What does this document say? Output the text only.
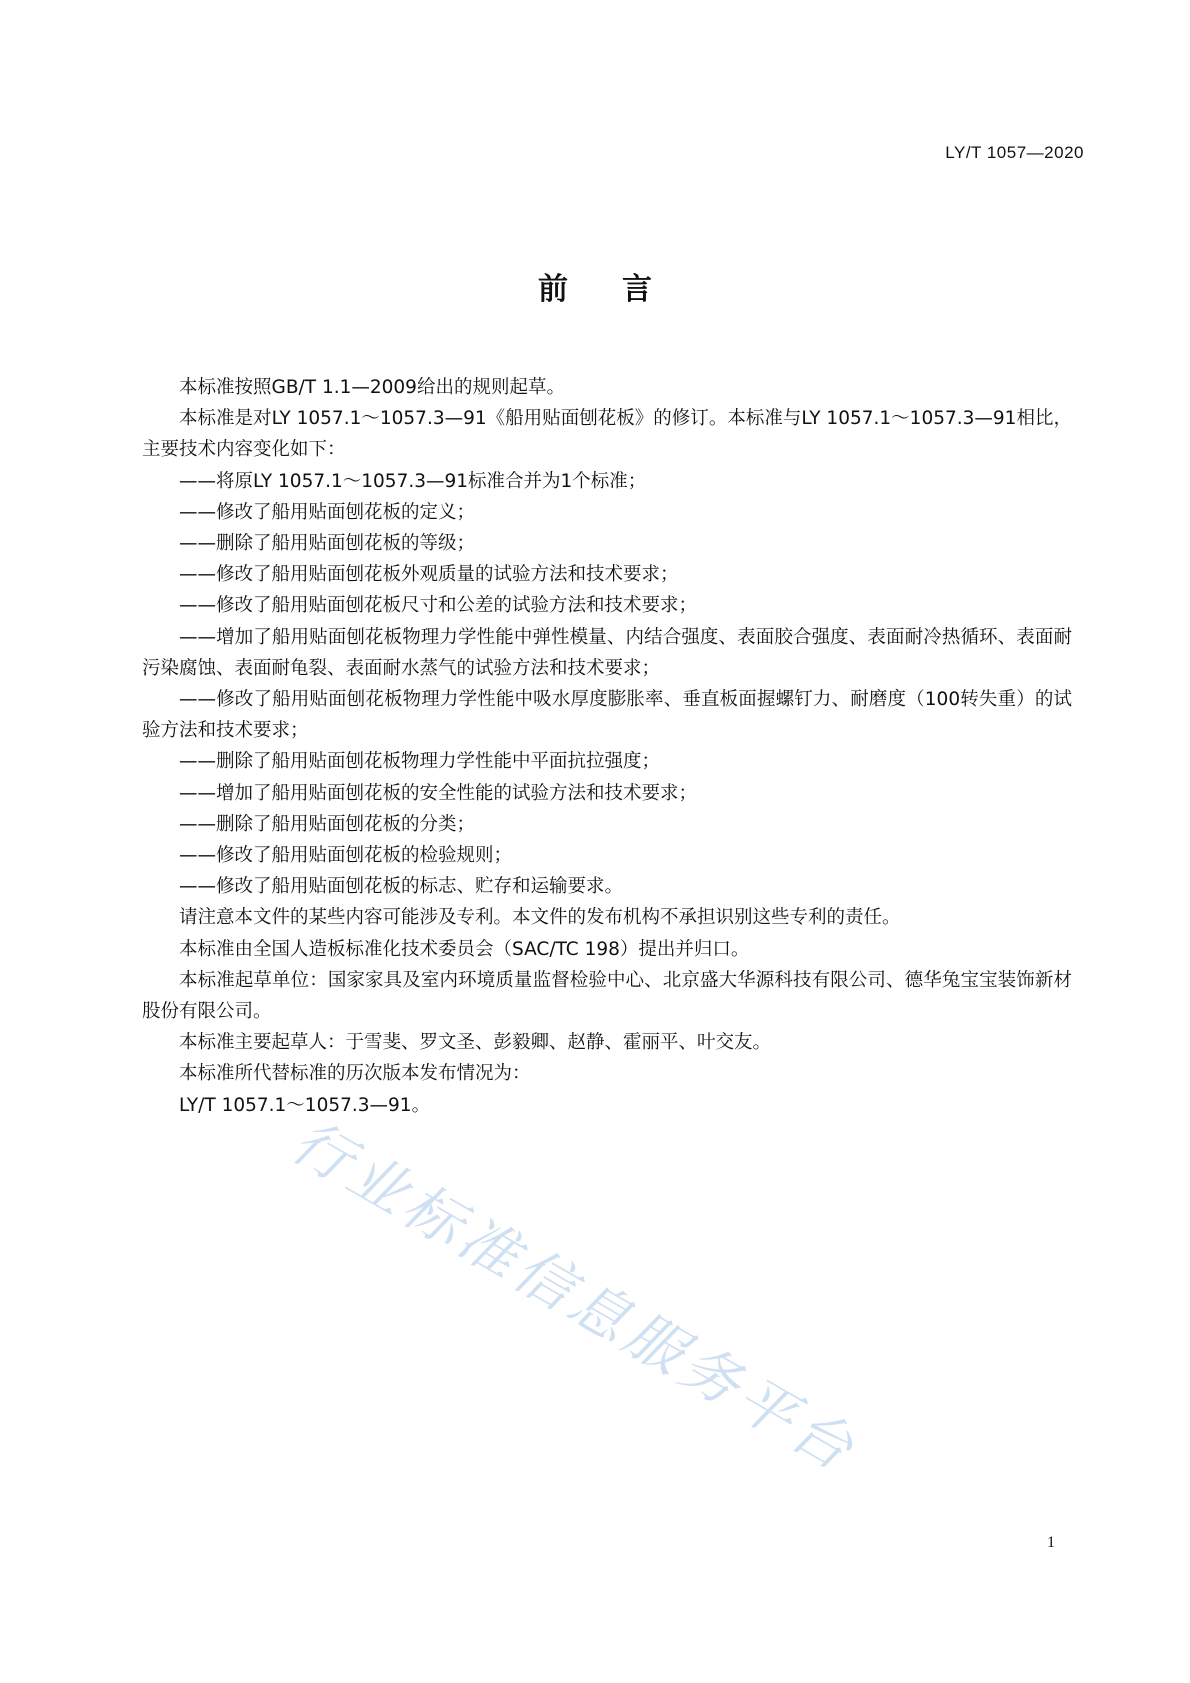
LY/T 1057—2020
前言

本标准按照GB/T 1.1—2009给出的规则起草。

本标准是对LY 1057.1～1057.3—91《船用贴面刨花板》的修订。本标准与LY 1057.1～1057.3—91相比，主要技术内容变化如下：

——将原LY 1057.1～1057.3—91标准合并为1个标准；

——修改了船用贴面刨花板的定义；

——删除了船用贴面刨花板的等级；

——修改了船用贴面刨花板外观质量的试验方法和技术要求；

——修改了船用贴面刨花板尺寸和公差的试验方法和技术要求；

——增加了船用贴面刨花板物理力学性能中弹性模量、内结合强度、表面胶合强度、表面耐冷热循环、表面耐污染腐蚀、表面耐龟裂、表面耐水蒸气的试验方法和技术要求；

——修改了船用贴面刨花板物理力学性能中吸水厚度膨胀率、垂直板面握螺钉力、耐磨度（100转失重）的试验方法和技术要求；

——删除了船用贴面刨花板物理力学性能中平面抗拉强度；

——增加了船用贴面刨花板的安全性能的试验方法和技术要求；

——删除了船用贴面刨花板的分类；

——修改了船用贴面刨花板的检验规则；

——修改了船用贴面刨花板的标志、贮存和运输要求。

请注意本文件的某些内容可能涉及专利。本文件的发布机构不承担识别这些专利的责任。

本标准由全国人造板标准化技术委员会（SAC/TC 198）提出并归口。

本标准起草单位：国家家具及室内环境质量监督检验中心、北京盛大华源科技有限公司、德华兔宝宝装饰新材股份有限公司。

本标准主要起草人：于雪斐、罗文圣、彭毅卿、赵静、霍丽平、叶交友。

本标准所代替标准的历次版本发布情况为：

LY/T 1057.1～1057.3—91。

行业标准信息服务平台
1
